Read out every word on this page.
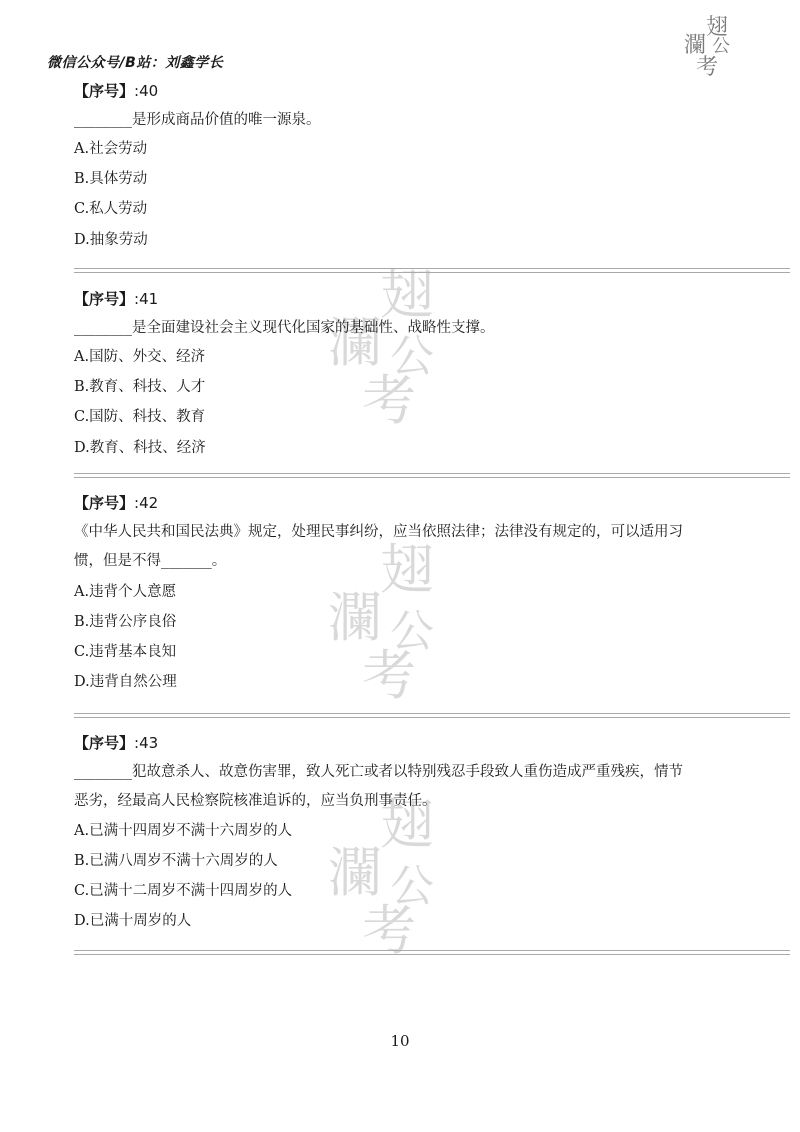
微信公众号/B站：刘鑫学长
翅
瀾 公
考
翅
瀾 公
考
翅
瀾 公
考
翅
瀾 公
考
【序号】:40
________是形成商品价值的唯一源泉。
A.社会劳动
B.具体劳动
C.私人劳动
D.抽象劳动
【序号】:41
________是全面建设社会主义现代化国家的基础性、战略性支撑。
A.国防、外交、经济
B.教育、科技、人才
C.国防、科技、教育
D.教育、科技、经济
【序号】:42
《中华人民共和国民法典》规定，处理民事纠纷，应当依照法律；法律没有规定的，可以适用习
惯，但是不得_______。
A.违背个人意愿
B.违背公序良俗
C.违背基本良知
D.违背自然公理
【序号】:43
________犯故意杀人、故意伤害罪，致人死亡或者以特别残忍手段致人重伤造成严重残疾，情节
恶劣，经最高人民检察院核准追诉的，应当负刑事责任。
A.已满十四周岁不满十六周岁的人
B.已满八周岁不满十六周岁的人
C.已满十二周岁不满十四周岁的人
D.已满十周岁的人
10
